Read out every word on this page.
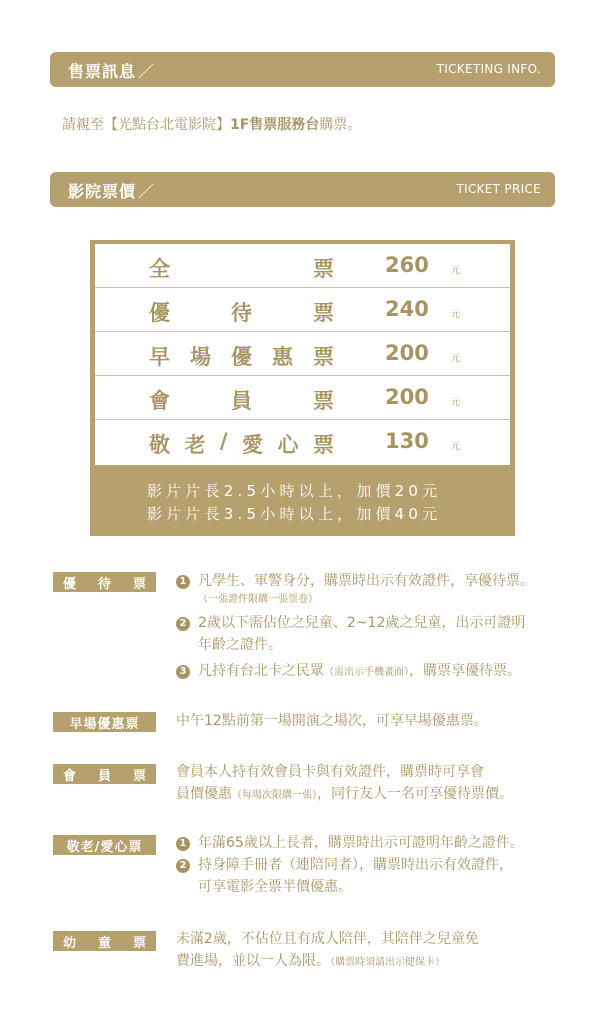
售票訊息 ／	TICKETING INFO.
請親至【光點台北電影院】1F售票服務台購票。
影院票價 ／	TICKET PRICE
全	票 260 元
優	待	票 240 元
早 場 優 惠 票 200 元
會	員	票 200 元
敬 老 / 愛 心 票 130 元
影片片長2.5小時以上，加價20元
影片片長3.5小時以上，加價40元
優 待 票	1 凡學生、軍警身分，購票時出示有效證件，享優待票。
（一張證件限購一張票卷）
2 2歲以下需佔位之兒童、2~12歲之兒童，出示可證明
年齡之證件。
3 凡持有台北卡之民眾（需出示手機畫面），購票享優待票。
早場優惠票	中午12點前第一場開演之場次，可享早場優惠票。
會 員 票 會員本人持有效會員卡與有效證件，購票時可享會
員價優惠（每場次限購一張），同行友人一名可享優待票價。
敬老/愛心票	1 年滿65歲以上長者，購票時出示可證明年齡之證件。
2 持身障手冊者（連陪同者），購票時出示有效證件，
可享電影全票半價優惠。
幼 童 票 未滿2歲，不佔位且有成人陪伴，其陪伴之兒童免
費進場，並以一人為限。（購票時須請出示健保卡）
